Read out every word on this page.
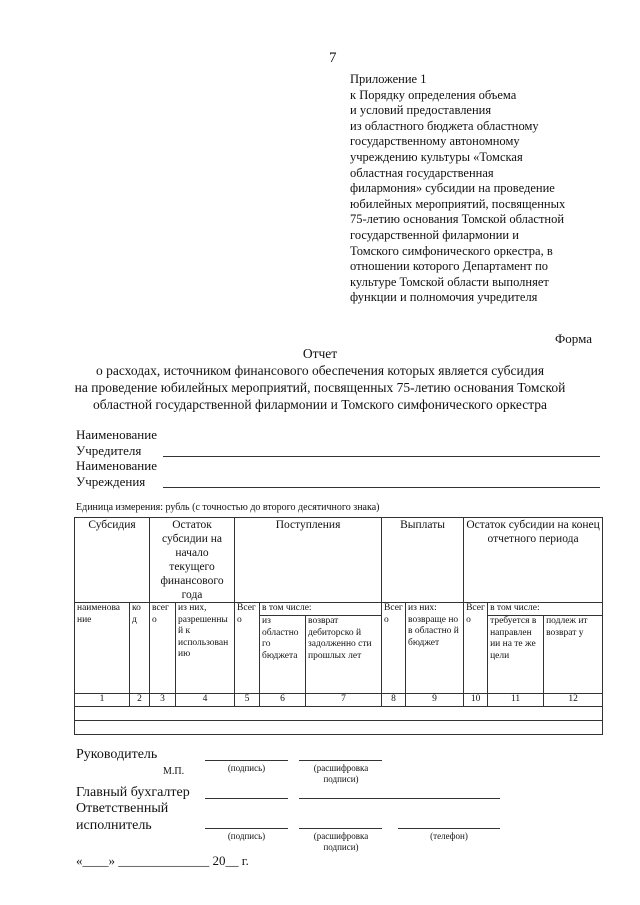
7
Приложение 1
к Порядку определения объема
и условий предоставления
из областного бюджета областному
государственному автономному
учреждению культуры «Томская
областная государственная
филармония» субсидии на проведение
юбилейных мероприятий, посвященных
75-летию основания Томской областной
государственной филармонии и
Томского симфонического оркестра, в
отношении которого Департамент по
культуре Томской области выполняет
функции и полномочия учредителя
Форма
Отчет
о расходах, источником финансового обеспечения которых является субсидия
на проведение юбилейных мероприятий, посвященных 75-летию основания Томской
областной государственной филармонии и Томского симфонического оркестра
Наименование
Учредителя
Наименование
Учреждения
Единица измерения: рубль (с точностью до второго десятичного знака)
Субсидия		Остаток субсидии на начало текущего финансового года		Поступления			Выплаты		Остаток субсидии на конец отчетного периода		
наименова ние	ко д	всег о	из них, разрешенны й к использован ию	Всег о	в том числе:		Всег о	из них: возвраще но в областно й бюджет	Всег о	в том числе:	
					из областно го бюджета	возврат дебиторско й задолженно сти прошлых лет				требуется в направлен ии на те же цели	подлеж ит возврат у
1	2	3	4	5	6	7	8	9	10	11	12

Руководитель
М.П.	(подпись)	(расшифровка подписи)
Главный бухгалтер
Ответственный
исполнитель
(подпись)	(расшифровка подписи)
(телефон)
«____» ______________ 20__ г.
